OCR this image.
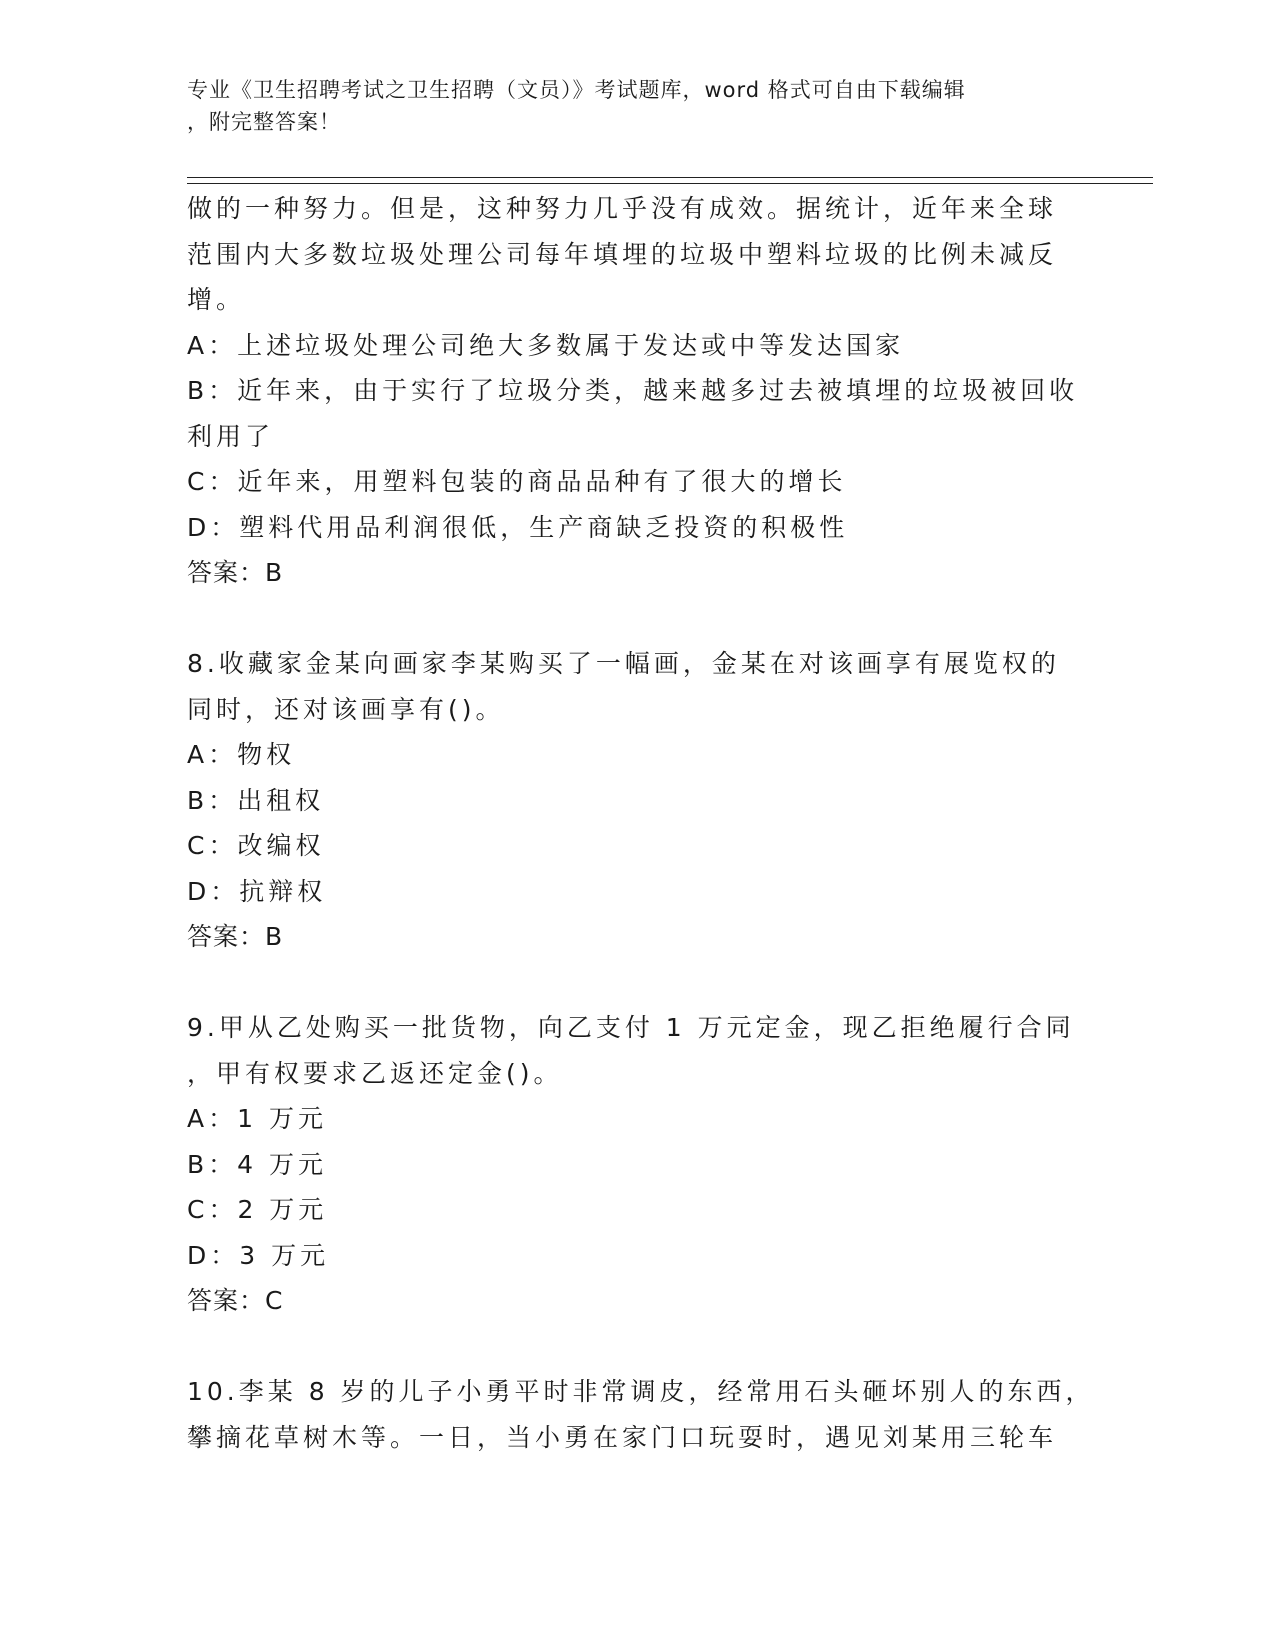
专业《卫生招聘考试之卫生招聘（文员）》考试题库，word 格式可自由下载编辑
，附完整答案！
做的一种努力。但是，这种努力几乎没有成效。据统计，近年来全球
范围内大多数垃圾处理公司每年填埋的垃圾中塑料垃圾的比例未减反
增。
A：上述垃圾处理公司绝大多数属于发达或中等发达国家
B：近年来，由于实行了垃圾分类，越来越多过去被填埋的垃圾被回收
利用了
C：近年来，用塑料包装的商品品种有了很大的增长
D：塑料代用品利润很低，生产商缺乏投资的积极性
答案：B
8.收藏家金某向画家李某购买了一幅画，金某在对该画享有展览权的
同时，还对该画享有()。
A：物权
B：出租权
C：改编权
D：抗辩权
答案：B
9.甲从乙处购买一批货物，向乙支付 1 万元定金，现乙拒绝履行合同
，甲有权要求乙返还定金()。
A：1 万元
B：4 万元
C：2 万元
D：3 万元
答案：C
10.李某 8 岁的儿子小勇平时非常调皮，经常用石头砸坏别人的东西，
攀摘花草树木等。一日，当小勇在家门口玩耍时，遇见刘某用三轮车
